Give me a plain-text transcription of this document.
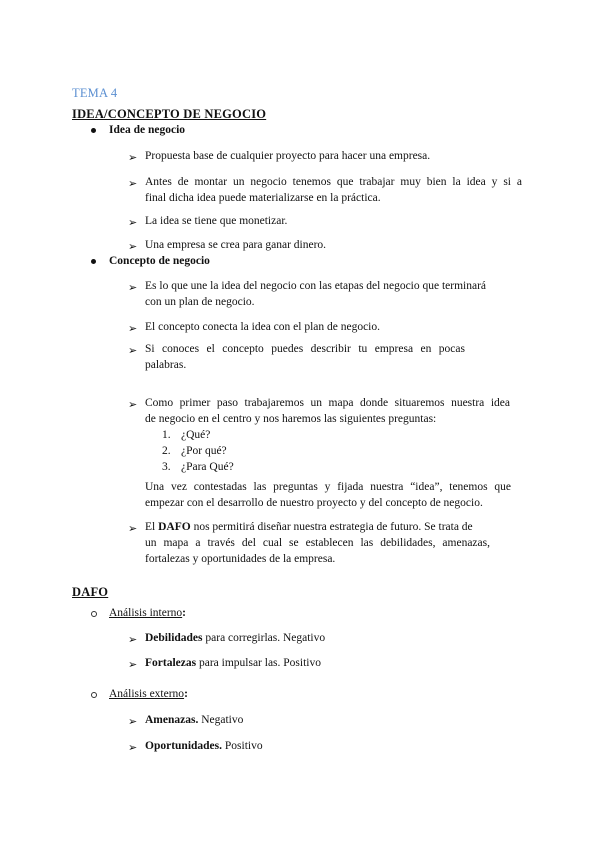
TEMA 4
IDEA/CONCEPTO DE NEGOCIO
Idea de negocio
➢ Propuesta base de cualquier proyecto para hacer una empresa.
➢ Antes de montar un negocio tenemos que trabajar muy bien la idea y si a
final dicha idea puede materializarse en la práctica.
➢ La idea se tiene que monetizar.
➢ Una empresa se crea para ganar dinero.
Concepto de negocio
➢ Es lo que une la idea del negocio con las etapas del negocio que terminará
con un plan de negocio.
➢ El concepto conecta la idea con el plan de negocio.
➢ Si conoces el concepto puedes describir tu empresa en pocas
palabras.
➢ Como primer paso trabajaremos un mapa donde situaremos nuestra idea
de negocio en el centro y nos haremos las siguientes preguntas:
1. ¿Qué?
2. ¿Por qué?
3. ¿Para Qué?
Una vez contestadas las preguntas y fijada nuestra “idea”, tenemos que
empezar con el desarrollo de nuestro proyecto y del concepto de negocio.
➢ El DAFO nos permitirá diseñar nuestra estrategia de futuro. Se trata de
un mapa a través del cual se establecen las debilidades, amenazas,
fortalezas y oportunidades de la empresa.
DAFO
Análisis interno:
➢ Debilidades para corregirlas. Negativo
➢ Fortalezas para impulsar las. Positivo
Análisis externo:
➢ Amenazas. Negativo
➢ Oportunidades. Positivo
